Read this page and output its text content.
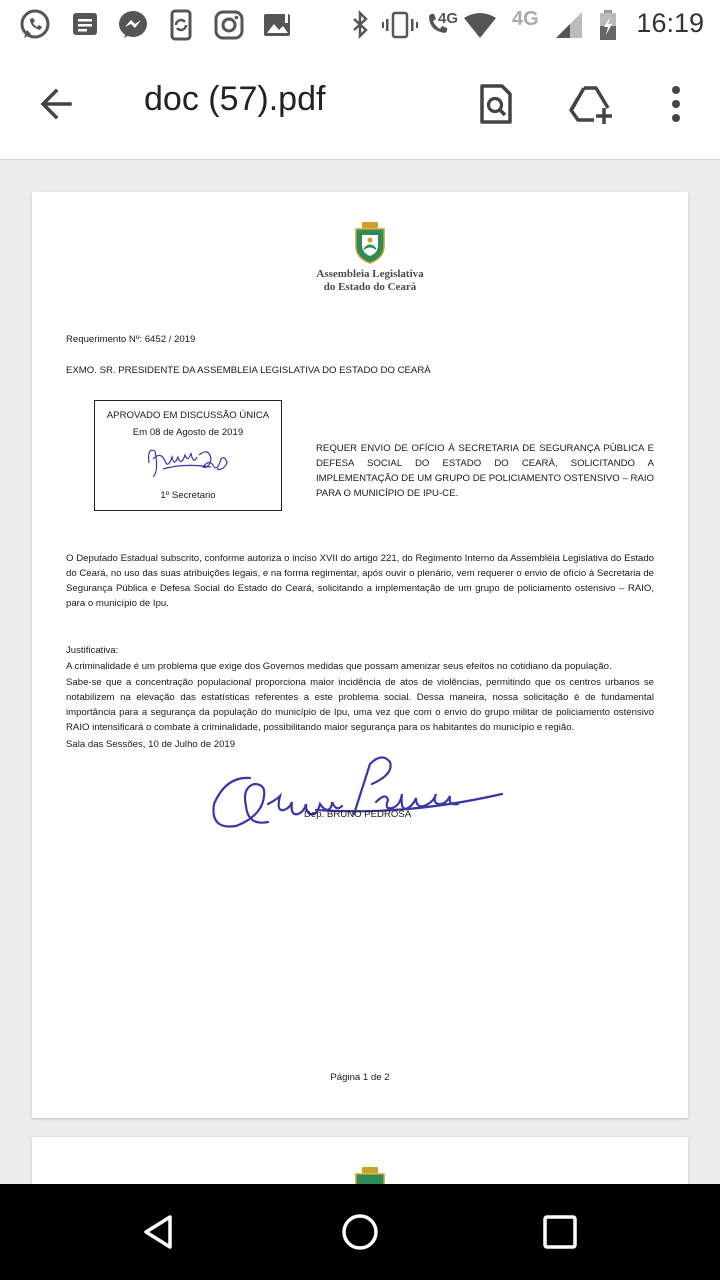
4G	4G	16:19
doc (57).pdf
Assembleia Legislativa
do Estado do Ceará
Requerimento Nº: 6452 / 2019
EXMO. SR. PRESIDENTE DA ASSEMBLEIA LEGISLATIVA DO ESTADO DO CEARÁ
APROVADO EM DISCUSSÃO ÚNICA
Em 08 de Agosto de 2019
1º Secretario
REQUER ENVIO DE OFÍCIO À SECRETARIA DE SEGURANÇA PÚBLICA E DEFESA SOCIAL DO ESTADO DO CEARÁ, SOLICITANDO A IMPLEMENTAÇÃO DE UM GRUPO DE POLICIAMENTO OSTENSIVO – RAIO PARA O MUNICÍPIO DE IPU-CE.
O Deputado Estadual subscrito, conforme autoriza o inciso XVII do artigo 221, do Regimento Interno da Assembléia Legislativa do Estado do Ceará, no uso das suas atribuições legais, e na forma regimentar, após ouvir o plenário, vem requerer o envio de ofício à Secretaria de Segurança Pública e Defesa Social do Estado do Ceará, solicitando a implementação de um grupo de policiamento ostensivo – RAIO, para o município de Ipu.
Justificativa:
A criminalidade é um problema que exige dos Governos medidas que possam amenizar seus efeitos no cotidiano da população.
Sabe-se que a concentração populacional proporciona maior incidência de atos de violências, permitindo que os centros urbanos se notabilizem na elevação das estatísticas referentes a este problema social. Dessa maneira, nossa solicitação é de fundamental importância para a segurança da população do município de Ipu, uma vez que com o envio do grupo militar de policiamento ostensivo RAIO intensificará o combate à criminalidade, possibilitando maior segurança para os habitantes do município e região.
Sala das Sessões, 10 de Julho de 2019
Dep. BRUNO PEDROSA
Página 1 de 2
